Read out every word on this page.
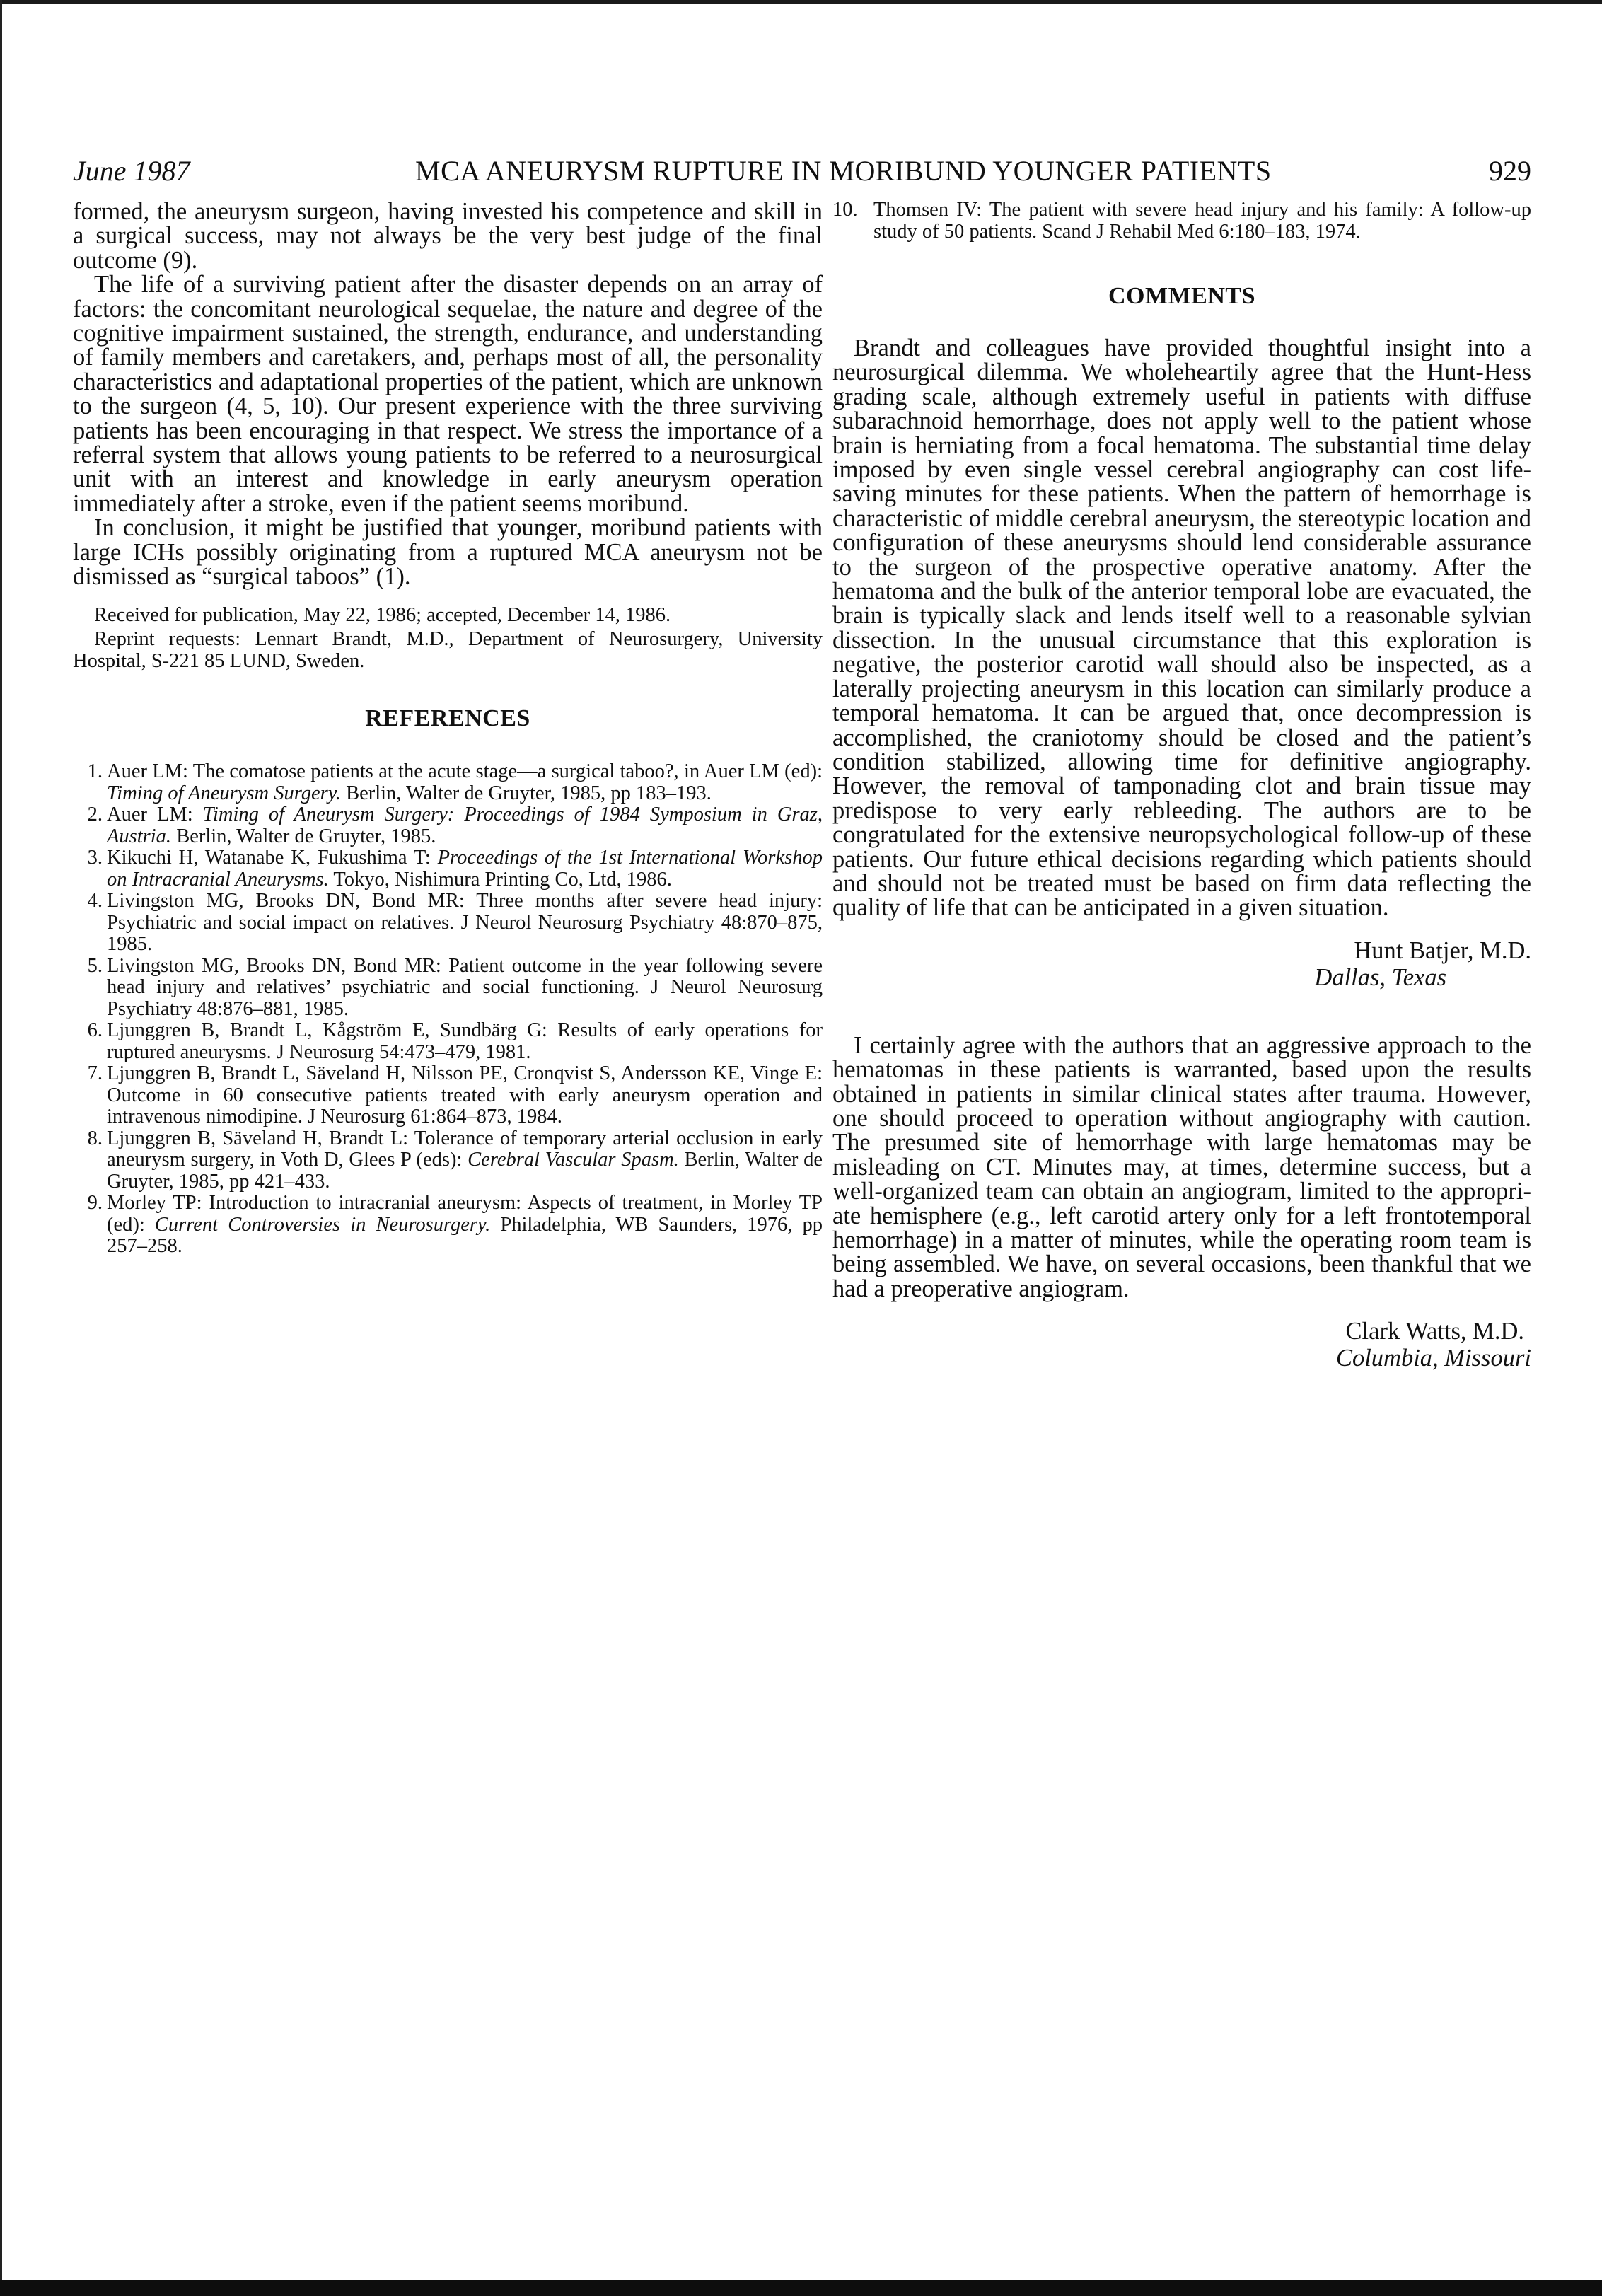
June 1987	MCA ANEURYSM RUPTURE IN MORIBUND YOUNGER PATIENTS	929

formed, the aneurysm surgeon, having invested his competence and skill in a surgical success, may not always be the very best judge of the final outcome (9).

The life of a surviving patient after the disaster depends on an array of factors: the concomitant neurological sequelae, the nature and degree of the cognitive impairment sustained, the strength, endurance, and understanding of family members and caretakers, and, perhaps most of all, the personality characteristics and adaptational properties of the patient, which are unknown to the surgeon (4, 5, 10). Our present experience with the three surviving patients has been encouraging in that respect. We stress the importance of a referral system that allows young patients to be referred to a neurosurgical unit with an interest and knowledge in early aneurysm operation immediately after a stroke, even if the patient seems moribund.

In conclusion, it might be justified that younger, moribund patients with large ICHs possibly originating from a ruptured MCA aneurysm not be dismissed as “surgical taboos” (1).

Received for publication, May 22, 1986; accepted, December 14, 1986.

Reprint requests: Lennart Brandt, M.D., Department of Neurosurgery, University Hospital, S-221 85 LUND, Sweden.

REFERENCES
1. Auer LM: The comatose patients at the acute stage—a surgical taboo?, in Auer LM (ed): Timing of Aneurysm Surgery. Berlin, Walter de Gruyter, 1985, pp 183–193.
2. Auer LM: Timing of Aneurysm Surgery: Proceedings of 1984 Symposium in Graz, Austria. Berlin, Walter de Gruyter, 1985.
3. Kikuchi H, Watanabe K, Fukushima T: Proceedings of the 1st International Workshop on Intracranial Aneurysms. Tokyo, Nishimura Printing Co, Ltd, 1986.
4. Livingston MG, Brooks DN, Bond MR: Three months after severe head injury: Psychiatric and social impact on relatives. J Neurol Neurosurg Psychiatry 48:870–875, 1985.
5. Livingston MG, Brooks DN, Bond MR: Patient outcome in the year following severe head injury and relatives’ psychiatric and social functioning. J Neurol Neurosurg Psychiatry 48:876–881, 1985.
6. Ljunggren B, Brandt L, Kågström E, Sundbärg G: Results of early operations for ruptured aneurysms. J Neurosurg 54:473–479, 1981.
7. Ljunggren B, Brandt L, Säveland H, Nilsson PE, Cronqvist S, Andersson KE, Vinge E: Outcome in 60 consecutive patients treated with early aneurysm operation and intravenous nimodipine. J Neurosurg 61:864–873, 1984.
8. Ljunggren B, Säveland H, Brandt L: Tolerance of temporary arterial occlusion in early aneurysm surgery, in Voth D, Glees P (eds): Cerebral Vascular Spasm. Berlin, Walter de Gruyter, 1985, pp 421–433.
9. Morley TP: Introduction to intracranial aneurysm: Aspects of treatment, in Morley TP (ed): Current Controversies in Neurosurgery. Philadelphia, WB Saunders, 1976, pp 257–258.
10. Thomsen IV: The patient with severe head injury and his family: A follow-up study of 50 patients. Scand J Rehabil Med 6:180–183, 1974.
COMMENTS

Brandt and colleagues have provided thoughtful insight into a neurosurgical dilemma. We wholeheartily agree that the Hunt-Hess grading scale, although extremely useful in patients with diffuse subarachnoid hemorrhage, does not apply well to the patient whose brain is herniating from a focal hematoma. The substantial time delay imposed by even single vessel cerebral angiography can cost life-saving minutes for these patients. When the pattern of hemorrhage is characteristic of middle cerebral aneurysm, the stereotypic location and configuration of these aneurysms should lend considerable assurance to the surgeon of the prospective operative anatomy. After the hematoma and the bulk of the anterior temporal lobe are evacuated, the brain is typically slack and lends itself well to a reasonable sylvian dissection. In the unusual circumstance that this exploration is negative, the posterior carotid wall should also be inspected, as a laterally projecting aneurysm in this location can similarly produce a temporal hematoma. It can be argued that, once decompression is accomplished, the craniotomy should be closed and the patient’s condition stabilized, allowing time for definitive angiography. However, the removal of tamponading clot and brain tissue may predispose to very early rebleeding. The authors are to be congratulated for the extensive neuropsychological follow-up of these patients. Our future ethical decisions regarding which patients should and should not be treated must be based on firm data reflecting the quality of life that can be anticipated in a given situation.

Hunt Batjer, M.D.
Dallas, Texas

I certainly agree with the authors that an aggressive approach to the hematomas in these patients is warranted, based upon the results obtained in patients in similar clinical states after trauma. However, one should proceed to operation without angiography with caution. The presumed site of hemorrhage with large hematomas may be misleading on CT. Minutes may, at times, determine success, but a well-organized team can obtain an angiogram, limited to the appropriate hemisphere (e.g., left carotid artery only for a left frontotemporal hemorrhage) in a matter of minutes, while the operating room team is being assembled. We have, on several occasions, been thankful that we had a preoperative angiogram.

Clark Watts, M.D.
Columbia, Missouri
